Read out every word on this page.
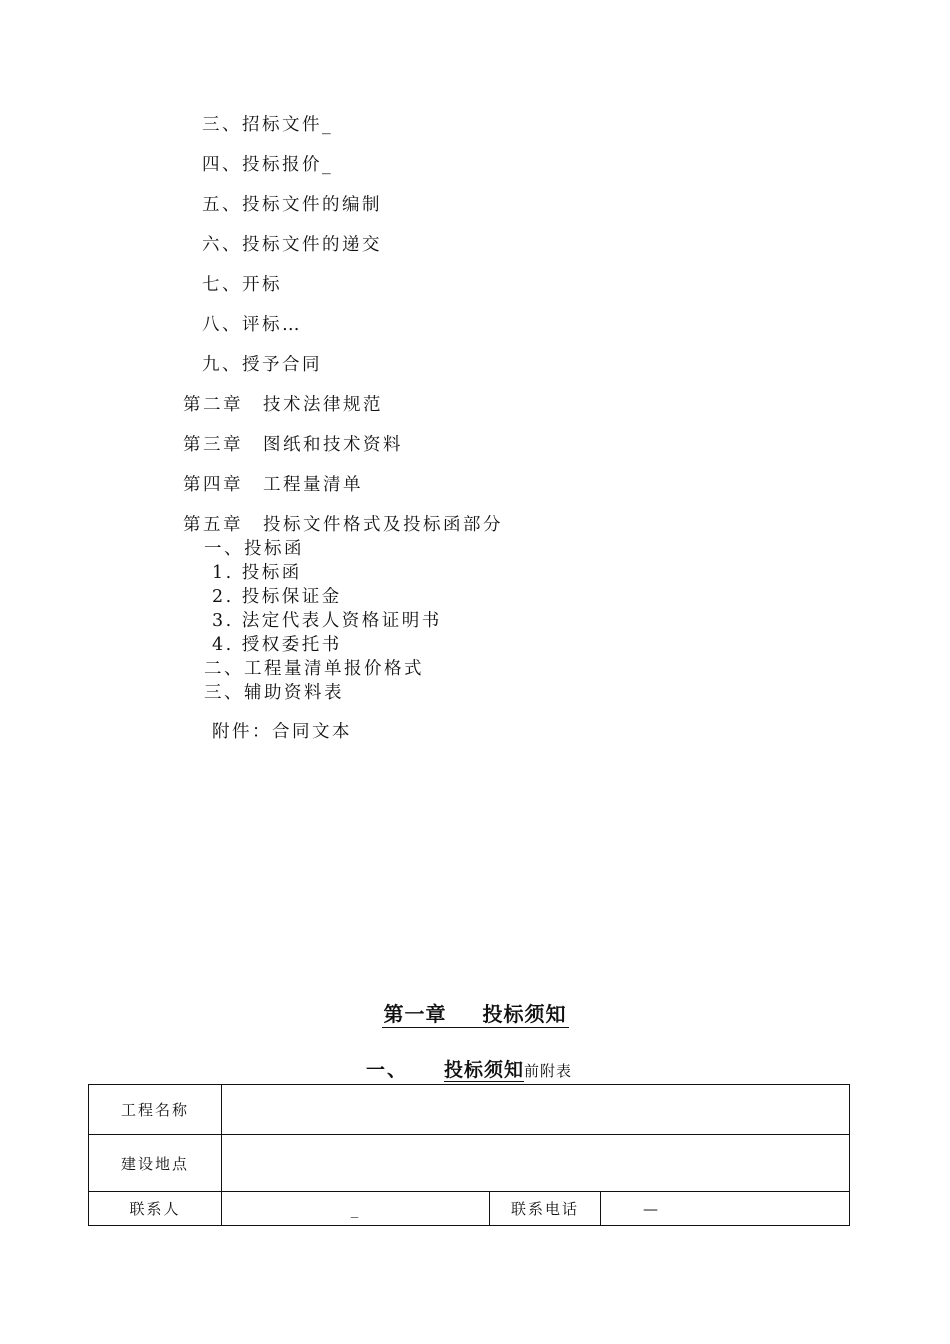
三、招标文件_
四、投标报价_
五、投标文件的编制
六、投标文件的递交
七、开标
八、评标…
九、授予合同
第二章 技术法律规范
第三章 图纸和技术资料
第四章 工程量清单
第五章 投标文件格式及投标函部分
一、投标函
1. 投标函
2. 投标保证金
3. 法定代表人资格证明书
4. 授权委托书
二、工程量清单报价格式
三、辅助资料表
附件：合同文本
第一章 投标须知
一、 投标须知前附表
工程名称			
建设地点			
联系人	_	联系电话	—
